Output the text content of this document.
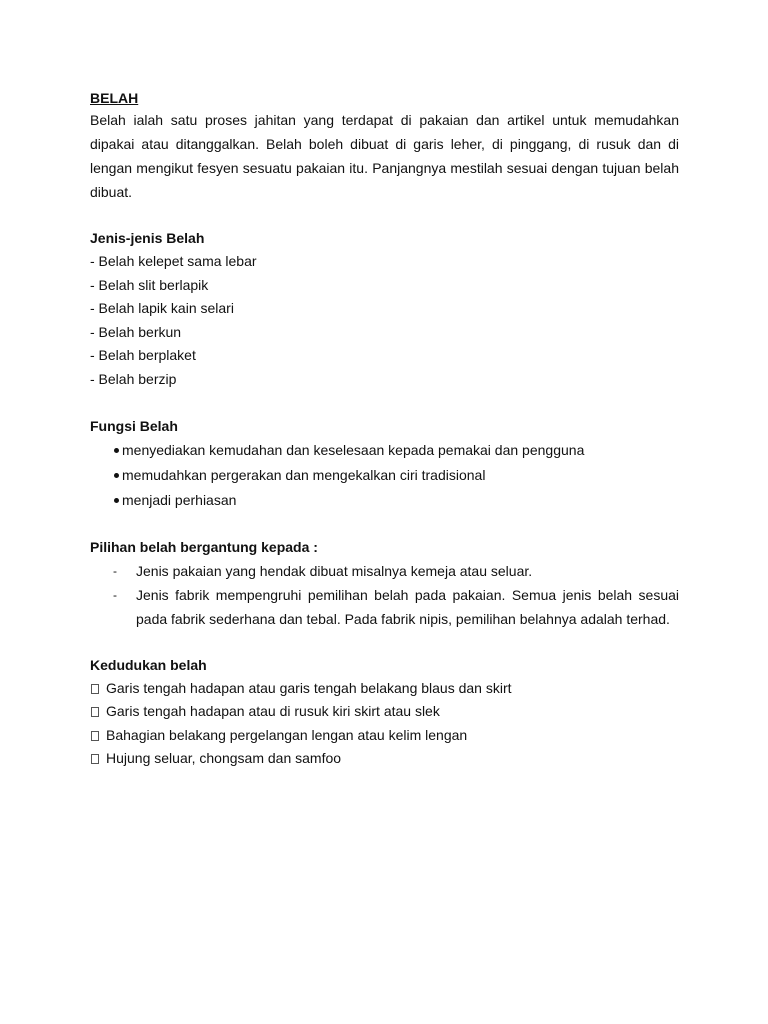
BELAH

Belah ialah satu proses jahitan yang terdapat di pakaian dan artikel untuk memudahkan dipakai atau ditanggalkan. Belah boleh dibuat di garis leher, di pinggang, di rusuk dan di lengan mengikut fesyen sesuatu pakaian itu. Panjangnya mestilah sesuai dengan tujuan belah dibuat.

Jenis-jenis Belah

- Belah kelepet sama lebar

- Belah slit berlapik

- Belah lapik kain selari

- Belah berkun

- Belah berplaket

- Belah berzip

Fungsi Belah

menyediakan kemudahan dan keselesaan kepada pemakai dan pengguna
memudahkan pergerakan dan mengekalkan ciri tradisional
menjadi perhiasan

Pilihan belah bergantung kepada :

- Jenis pakaian yang hendak dibuat misalnya kemeja atau seluar.
- Jenis fabrik mempengruhi pemilihan belah pada pakaian. Semua jenis belah sesuai pada fabrik sederhana dan tebal. Pada fabrik nipis, pemilihan belahnya adalah terhad.

Kedudukan belah

Garis tengah hadapan atau garis tengah belakang blaus dan skirt
Garis tengah hadapan atau di rusuk kiri skirt atau slek
Bahagian belakang pergelangan lengan atau kelim lengan
Hujung seluar, chongsam dan samfoo
